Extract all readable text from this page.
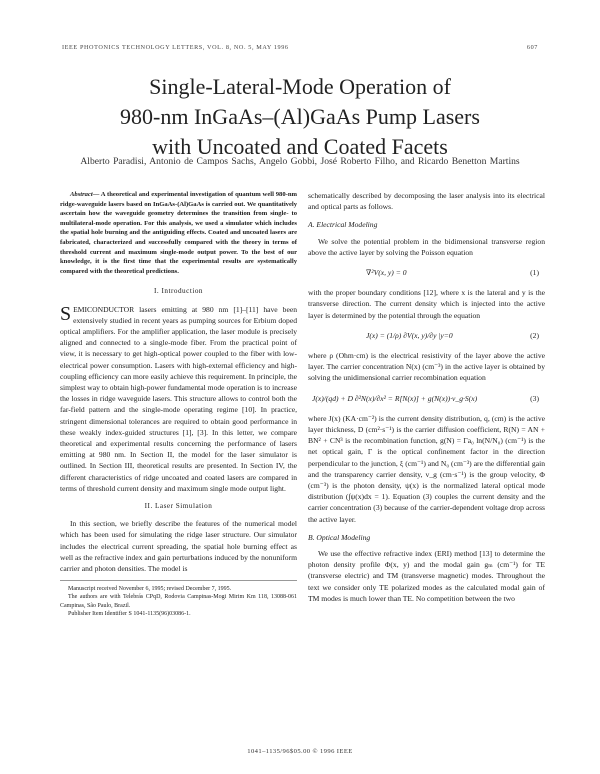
IEEE PHOTONICS TECHNOLOGY LETTERS, VOL. 8, NO. 5, MAY 1996	607
Single-Lateral-Mode Operation of
980-nm InGaAs–(Al)GaAs Pump Lasers
with Uncoated and Coated Facets
Alberto Paradisi, Antonio de Campos Sachs, Angelo Gobbi, José Roberto Filho, and Ricardo Benetton Martins
Abstract— A theoretical and experimental investigation of quantum well 980-nm ridge-waveguide lasers based on InGaAs-(Al)GaAs is carried out. We quantitatively ascertain how the waveguide geometry determines the transition from single- to multilateral-mode operation. For this analysis, we used a simulator which includes the spatial hole burning and the antiguiding effects. Coated and uncoated lasers are fabricated, characterized and successfully compared with the theory in terms of threshold current and maximum single-mode output power. To the best of our knowledge, it is the first time that the experimental results are systematically compared with the theoretical predictions.
I. Introduction

SEMICONDUCTOR lasers emitting at 980 nm [1]–[11] have been extensively studied in recent years as pumping sources for Erbium doped optical amplifiers. For the amplifier application, the laser module is precisely aligned and connected to a single-mode fiber. From the practical point of view, it is necessary to get high-optical power coupled to the fiber with low-electrical power consumption. Lasers with high-external efficiency and high-coupling efficiency can more easily achieve this requirement. In principle, the simplest way to obtain high-power fundamental mode operation is to increase the losses in ridge waveguide lasers. This structure allows to control both the far-field pattern and the single-mode operating regime [10]. In practice, stringent dimensional tolerances are required to obtain good performance in these weakly index-guided structures [1], [3]. In this letter, we compare theoretical and experimental results concerning the performance of lasers emitting at 980 nm. In Section II, the model for the laser simulator is outlined. In Section III, theoretical results are presented. In Section IV, the different characteristics of ridge uncoated and coated lasers are compared in terms of threshold current density and maximum single mode output light.

II. Laser Simulation

In this section, we briefly describe the features of the numerical model which has been used for simulating the ridge laser structure. Our simulator includes the electrical current spreading, the spatial hole burning effect as well as the refractive index and gain perturbations induced by the nonuniform carrier and photon densities. The model is

Manuscript received November 6, 1995; revised December 7, 1995.
The authors are with Telebrás CPqD, Rodovia Campinas-Mogi Mirim Km 118, 13088-061 Campinas, São Paulo, Brazil.
Publisher Item Identifier S 1041-1135(96)03086-1.

schematically described by decomposing the laser analysis into its electrical and optical parts as follows.

A. Electrical Modeling

We solve the potential problem in the bidimensional transverse region above the active layer by solving the Poisson equation

∇²V(x, y) = 0	(1)

with the proper boundary conditions [12], where x is the lateral and y is the transverse direction. The current density which is injected into the active layer is determined by the potential through the equation

J(x) = (1/ρ) ∂V(x, y)/∂y |y=0	(2)

where ρ (Ohm·cm) is the electrical resistivity of the layer above the active layer. The carrier concentration N(x) (cm⁻³) in the active layer is obtained by solving the unidimensional carrier recombination equation

J(x)/(qd) + D ∂²N(x)/∂x² = R[N(x)] + g(N(x))·v_g·S(x)	(3)

where J(x) (KA·cm⁻²) is the current density distribution, q, (cm) is the active layer thickness, D (cm²·s⁻¹) is the carrier diffusion coefficient, R(N) = AN + BN² + CN³ is the recombination function, g(N) = Γa₀ ln(N/N₀) (cm⁻¹) is the net optical gain, Γ is the optical confinement factor in the direction perpendicular to the junction, ξ (cm⁻¹) and N₀ (cm⁻³) are the differential gain and the transparency carrier density, v_g (cm·s⁻¹) is the group velocity, Φ (cm⁻³) is the photon density, ψ(x) is the normalized lateral optical mode distribution (∫ψ(x)dx = 1). Equation (3) couples the current density and the carrier concentration (3) because of the carrier-dependent voltage drop across the active layer.

B. Optical Modeling

We use the effective refractive index (ERI) method [13] to determine the photon density profile Φ(x, y) and the modal gain gₘ (cm⁻¹) for TE (transverse electric) and TM (transverse magnetic) modes. Throughout the text we consider only TE polarized modes as the calculated modal gain of TM modes is much lower than TE. No competition between the two

1041–1135/96$05.00 © 1996 IEEE
